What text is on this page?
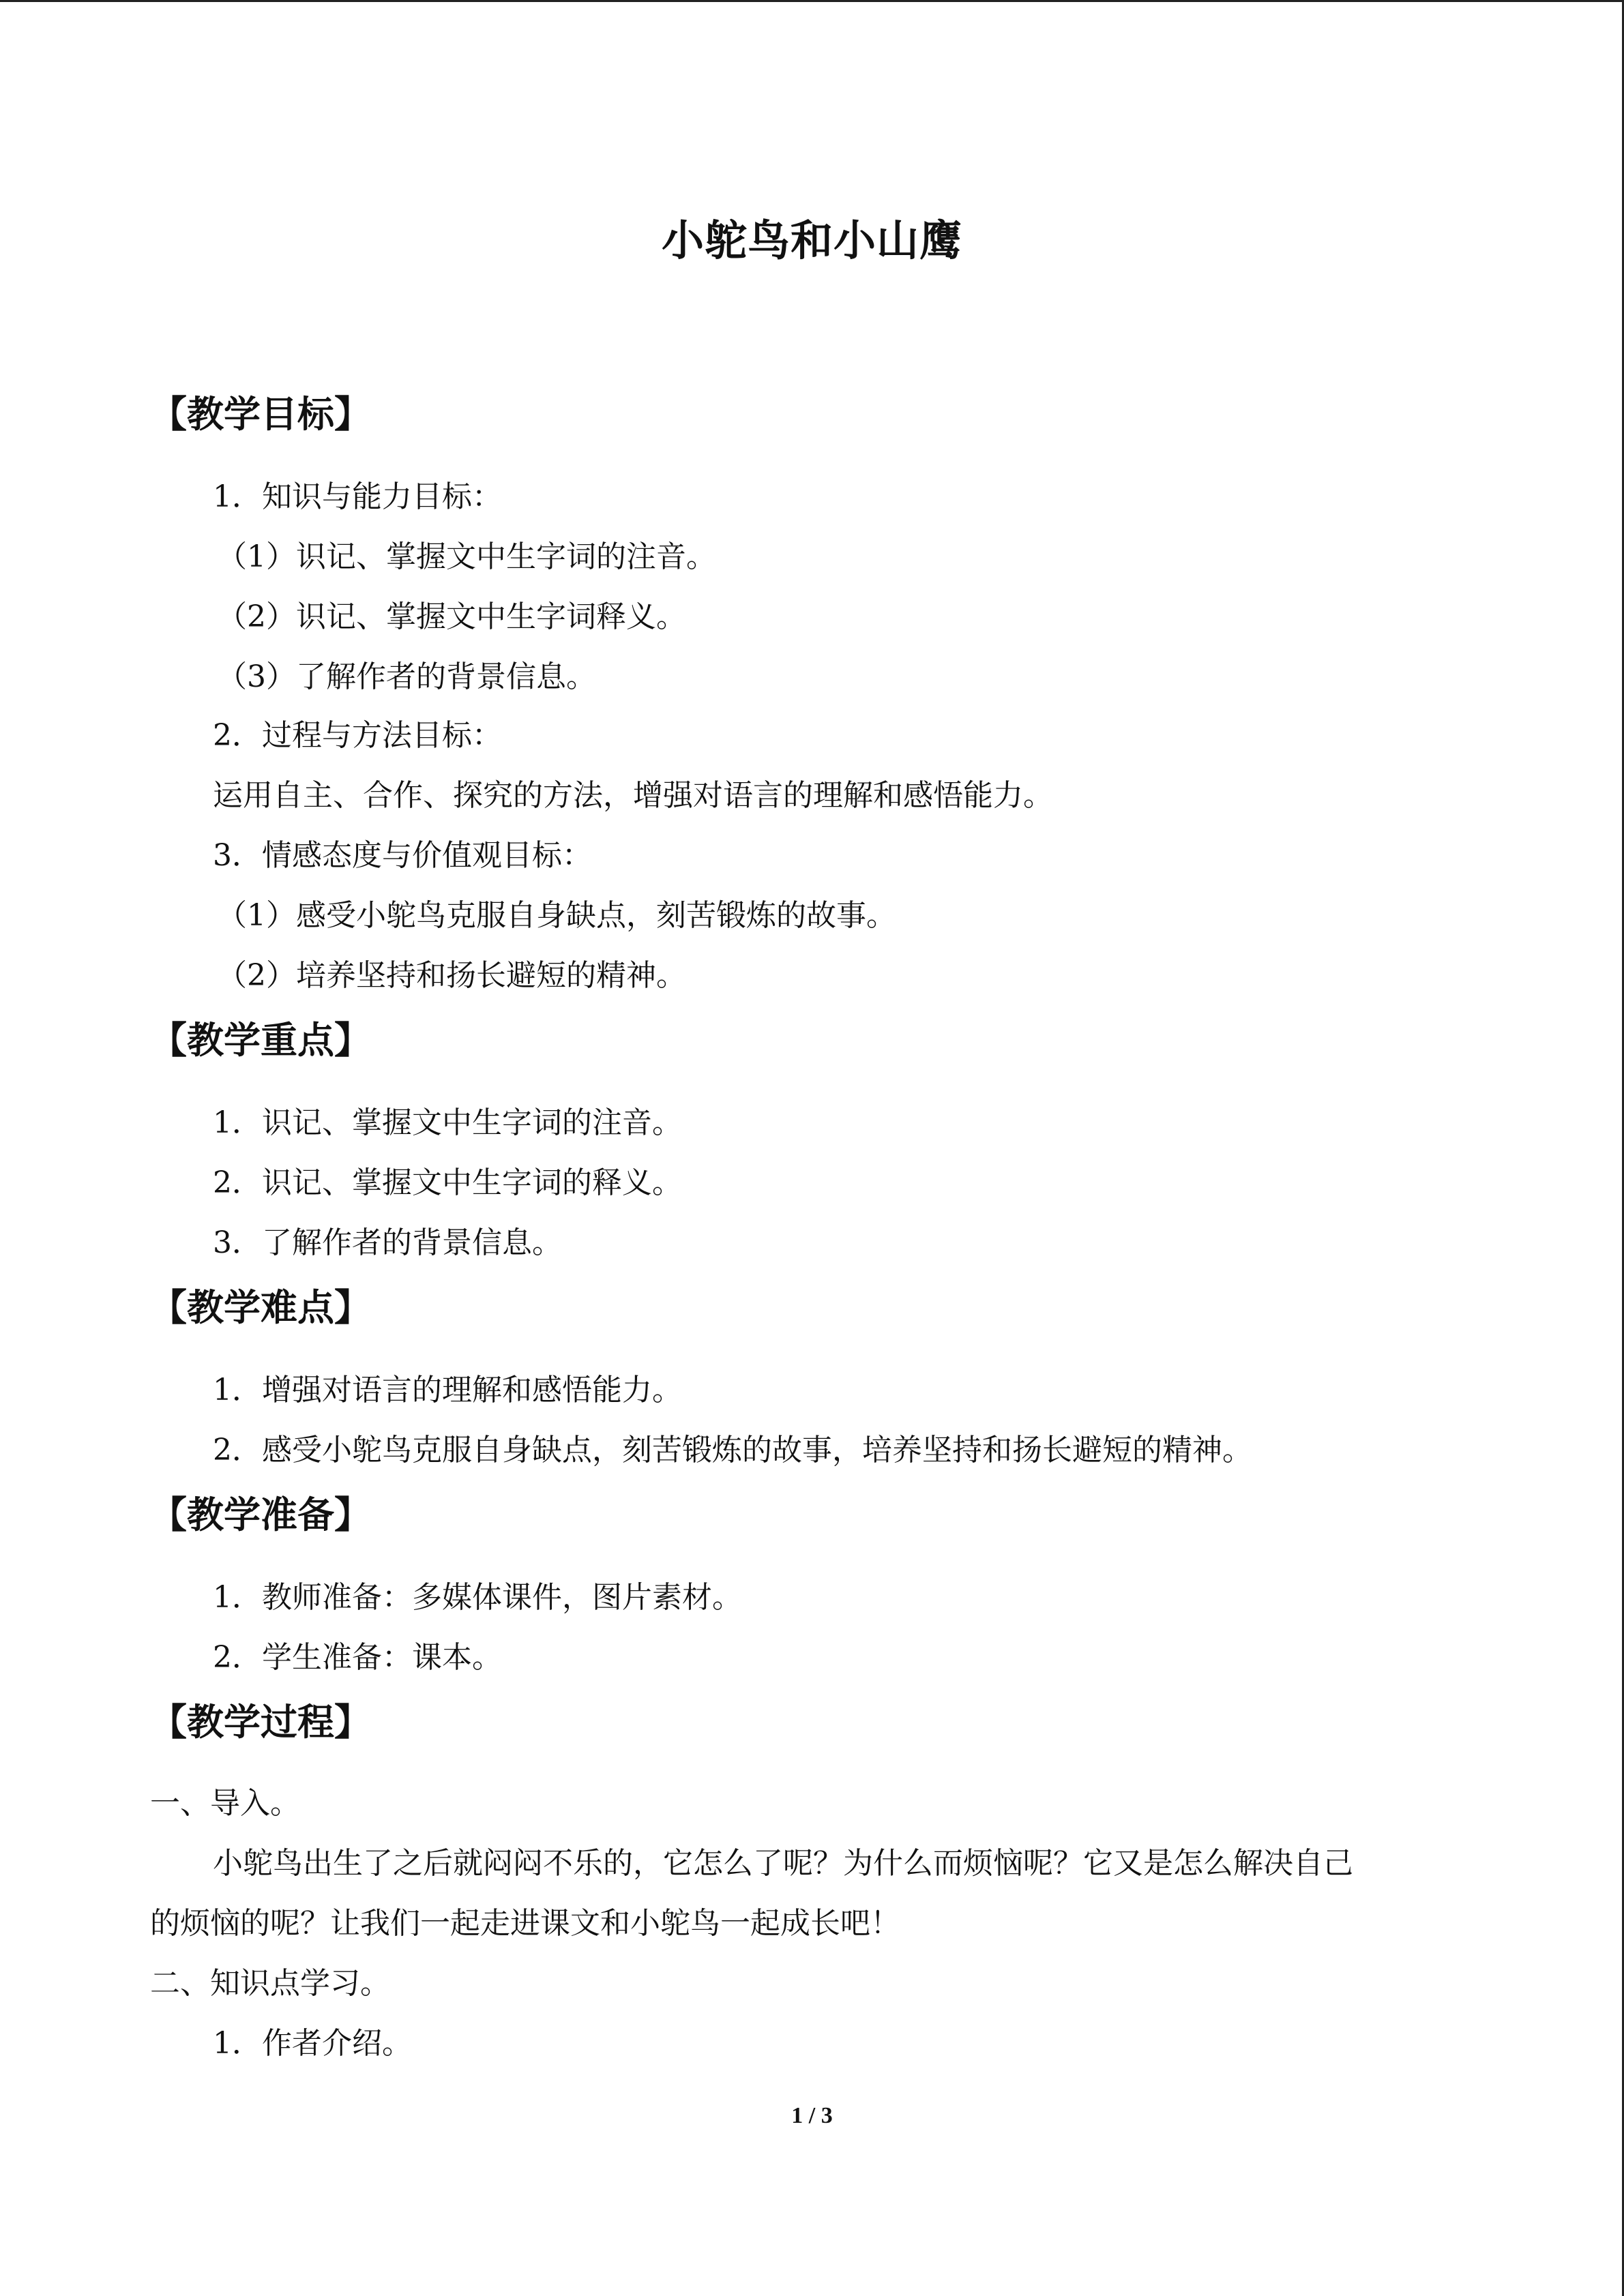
小鸵鸟和小山鹰
【教学目标】
1．知识与能力目标：
（1）识记、掌握文中生字词的注音。
（2）识记、掌握文中生字词释义。
（3）了解作者的背景信息。
2．过程与方法目标：
运用自主、合作、探究的方法，增强对语言的理解和感悟能力。
3．情感态度与价值观目标：
（1）感受小鸵鸟克服自身缺点，刻苦锻炼的故事。
（2）培养坚持和扬长避短的精神。
【教学重点】
1．识记、掌握文中生字词的注音。
2．识记、掌握文中生字词的释义。
3．了解作者的背景信息。
【教学难点】
1．增强对语言的理解和感悟能力。
2．感受小鸵鸟克服自身缺点，刻苦锻炼的故事，培养坚持和扬长避短的精神。
【教学准备】
1．教师准备：多媒体课件，图片素材。
2．学生准备：课本。
【教学过程】
一、导入。
小鸵鸟出生了之后就闷闷不乐的，它怎么了呢？为什么而烦恼呢？它又是怎么解决自己
的烦恼的呢？让我们一起走进课文和小鸵鸟一起成长吧！
二、知识点学习。
1．作者介绍。
1 / 3
